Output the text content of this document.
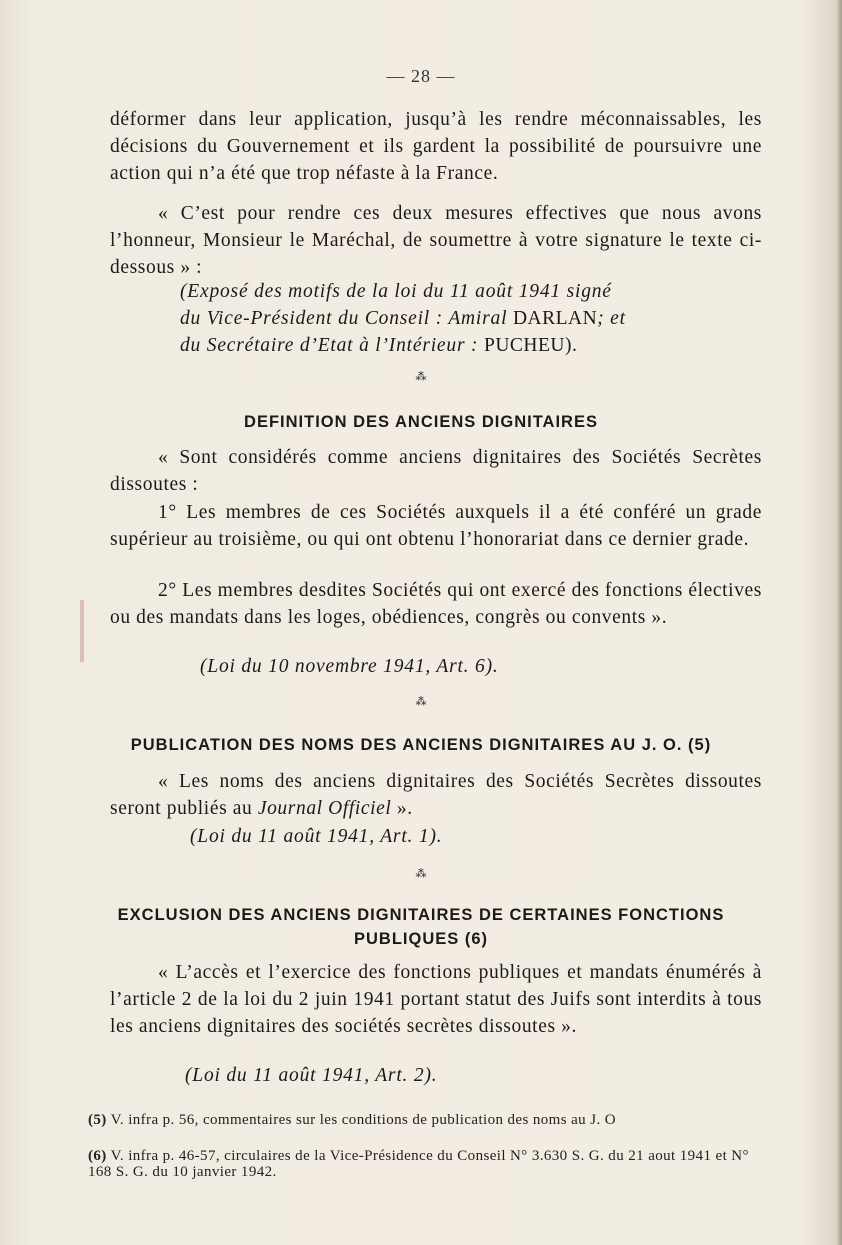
— 28 —

déformer dans leur application, jusqu’à les rendre méconnaissables, les décisions du Gouvernement et ils gardent la possibilité de poursuivre une action qui n’a été que trop néfaste à la France.

« C’est pour rendre ces deux mesures effectives que nous avons l’honneur, Monsieur le Maréchal, de soumettre à votre signature le texte ci-dessous » :

(Exposé des motifs de la loi du 11 août 1941 signé
du Vice-Président du Conseil : Amiral DARLAN; et
du Secrétaire d’Etat à l’Intérieur : PUCHEU).
⁂
DEFINITION DES ANCIENS DIGNITAIRES

« Sont considérés comme anciens dignitaires des Sociétés Secrètes dissoutes :

1° Les membres de ces Sociétés auxquels il a été conféré un grade supérieur au troisième, ou qui ont obtenu l’honorariat dans ce dernier grade.

2° Les membres desdites Sociétés qui ont exercé des fonctions électives ou des mandats dans les loges, obédiences, congrès ou convents ».

(Loi du 10 novembre 1941, Art. 6).
⁂
PUBLICATION DES NOMS DES ANCIENS DIGNITAIRES AU J. O. (5)

« Les noms des anciens dignitaires des Sociétés Secrètes dissoutes seront publiés au Journal Officiel ».

(Loi du 11 août 1941, Art. 1).
⁂
EXCLUSION DES ANCIENS DIGNITAIRES DE CERTAINES FONCTIONS
PUBLIQUES (6)

« L’accès et l’exercice des fonctions publiques et mandats énumérés à l’article 2 de la loi du 2 juin 1941 portant statut des Juifs sont interdits à tous les anciens dignitaires des sociétés secrètes dissoutes ».

(Loi du 11 août 1941, Art. 2).
(5) V. infra p. 56, commentaires sur les conditions de publication des noms au J. O
(6) V. infra p. 46-57, circulaires de la Vice-Présidence du Conseil N° 3.630 S. G. du 21 aout 1941 et N° 168 S. G. du 10 janvier 1942.
